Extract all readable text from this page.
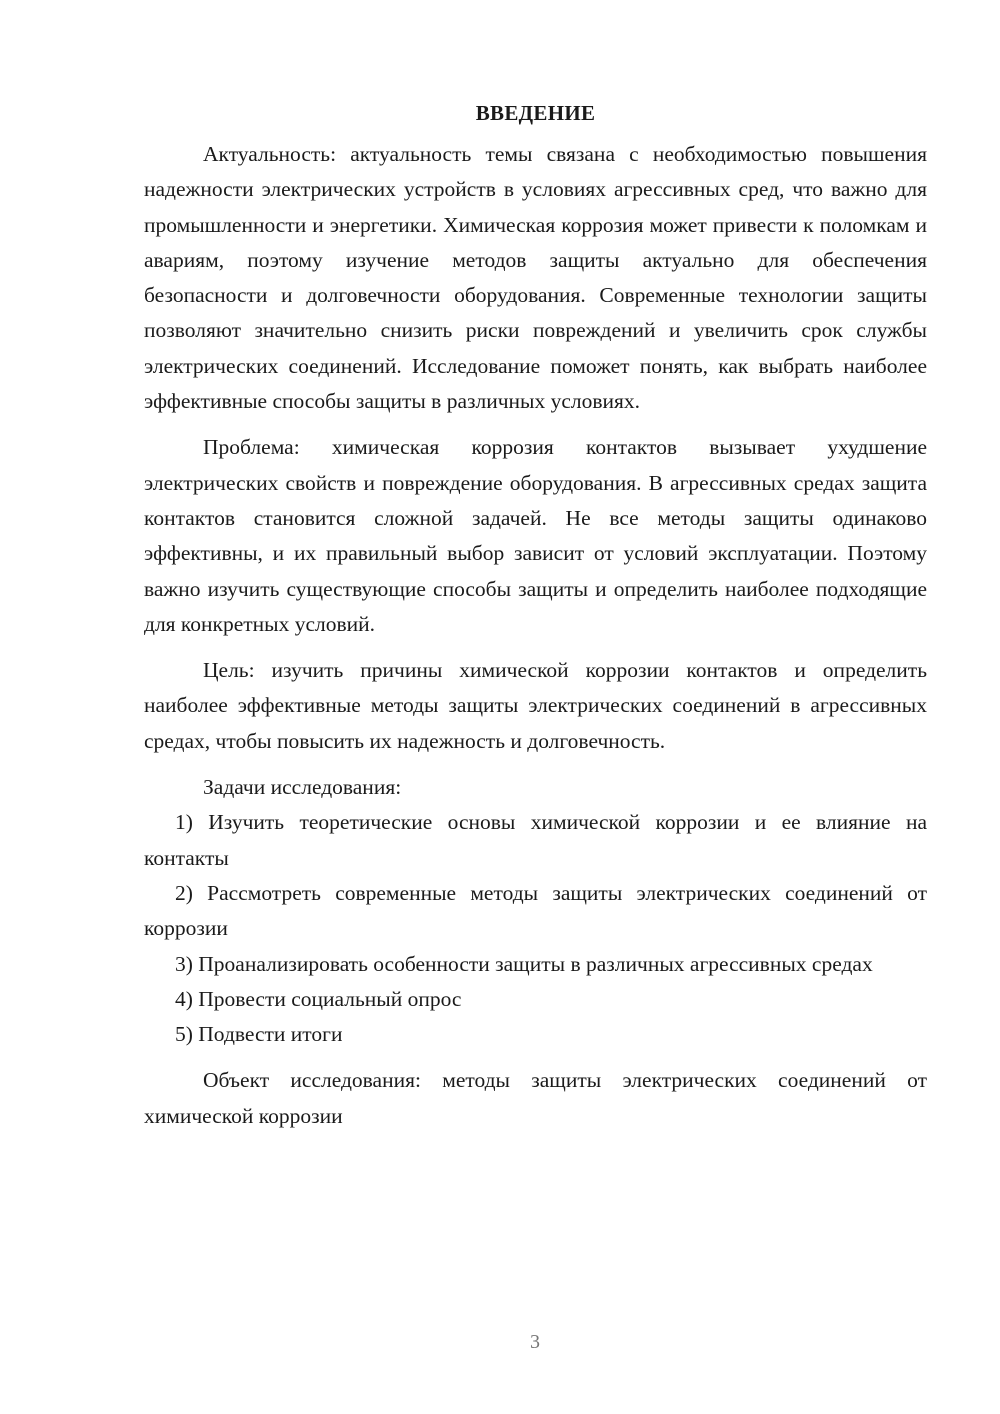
ВВЕДЕНИЕ

Актуальность: актуальность темы связана с необходимостью повышения надежности электрических устройств в условиях агрессивных сред, что важно для промышленности и энергетики. Химическая коррозия может привести к поломкам и авариям, поэтому изучение методов защиты актуально для обеспечения безопасности и долговечности оборудования. Современные технологии защиты позволяют значительно снизить риски повреждений и увеличить срок службы электрических соединений. Исследование поможет понять, как выбрать наиболее эффективные способы защиты в различных условиях.

Проблема: химическая коррозия контактов вызывает ухудшение электрических свойств и повреждение оборудования. В агрессивных средах защита контактов становится сложной задачей. Не все методы защиты одинаково эффективны, и их правильный выбор зависит от условий эксплуатации. Поэтому важно изучить существующие способы защиты и определить наиболее подходящие для конкретных условий.

Цель: изучить причины химической коррозии контактов и определить наиболее эффективные методы защиты электрических соединений в агрессивных средах, чтобы повысить их надежность и долговечность.

Задачи исследования:

1) Изучить теоретические основы химической коррозии и ее влияние на контакты

2) Рассмотреть современные методы защиты электрических соединений от коррозии

3) Проанализировать особенности защиты в различных агрессивных средах

4) Провести социальный опрос

5) Подвести итоги

Объект исследования: методы защиты электрических соединений от химической коррозии

3
